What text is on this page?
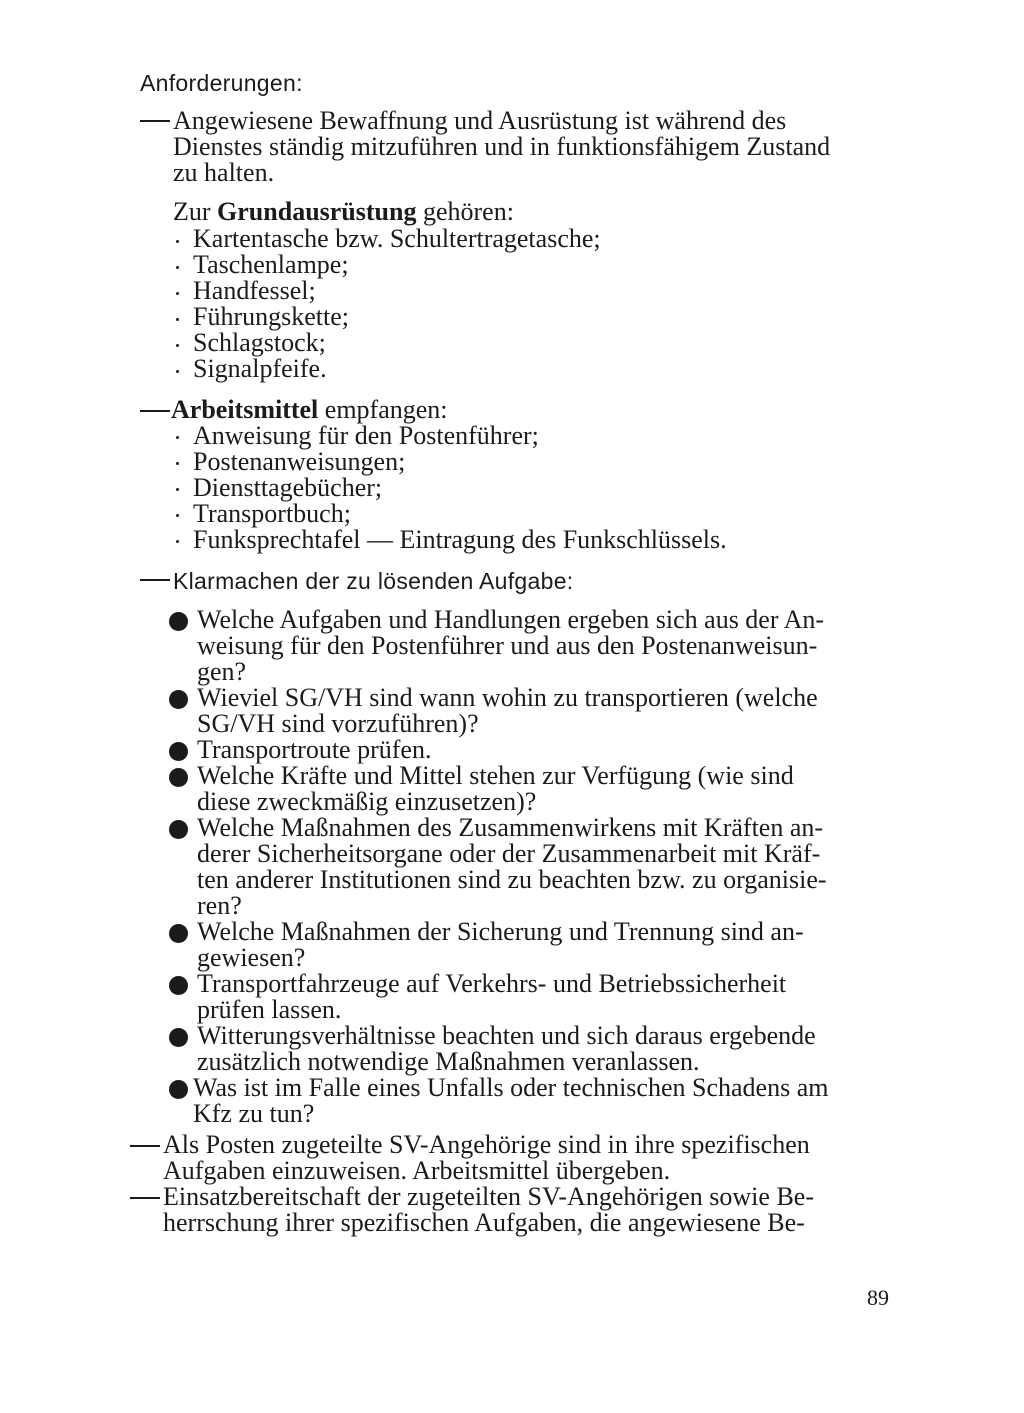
Anforderungen:
Angewiesene Bewaffnung und Ausrüstung ist während des
Dienstes ständig mitzuführen und in funktionsfähigem Zustand
zu halten.
Zur Grundausrüstung gehören:
Kartentasche bzw. Schultertragetasche;
Taschenlampe;
Handfessel;
Führungskette;
Schlagstock;
Signalpfeife.
Arbeitsmittel empfangen:
Anweisung für den Postenführer;
Postenanweisungen;
Diensttagebücher;
Transportbuch;
Funksprechtafel — Eintragung des Funkschlüssels.
Klarmachen der zu lösenden Aufgabe:
Welche Aufgaben und Handlungen ergeben sich aus der An-
weisung für den Postenführer und aus den Postenanweisun-
gen?
Wieviel SG/VH sind wann wohin zu transportieren (welche
SG/VH sind vorzuführen)?
Transportroute prüfen.
Welche Kräfte und Mittel stehen zur Verfügung (wie sind
diese zweckmäßig einzusetzen)?
Welche Maßnahmen des Zusammenwirkens mit Kräften an-
derer Sicherheitsorgane oder der Zusammenarbeit mit Kräf-
ten anderer Institutionen sind zu beachten bzw. zu organisie-
ren?
Welche Maßnahmen der Sicherung und Trennung sind an-
gewiesen?
Transportfahrzeuge auf Verkehrs- und Betriebssicherheit
prüfen lassen.
Witterungsverhältnisse beachten und sich daraus ergebende
zusätzlich notwendige Maßnahmen veranlassen.
Was ist im Falle eines Unfalls oder technischen Schadens am
Kfz zu tun?
Als Posten zugeteilte SV-Angehörige sind in ihre spezifischen
Aufgaben einzuweisen. Arbeitsmittel übergeben.
Einsatzbereitschaft der zugeteilten SV-Angehörigen sowie Be-
herrschung ihrer spezifischen Aufgaben, die angewiesene Be-
89
